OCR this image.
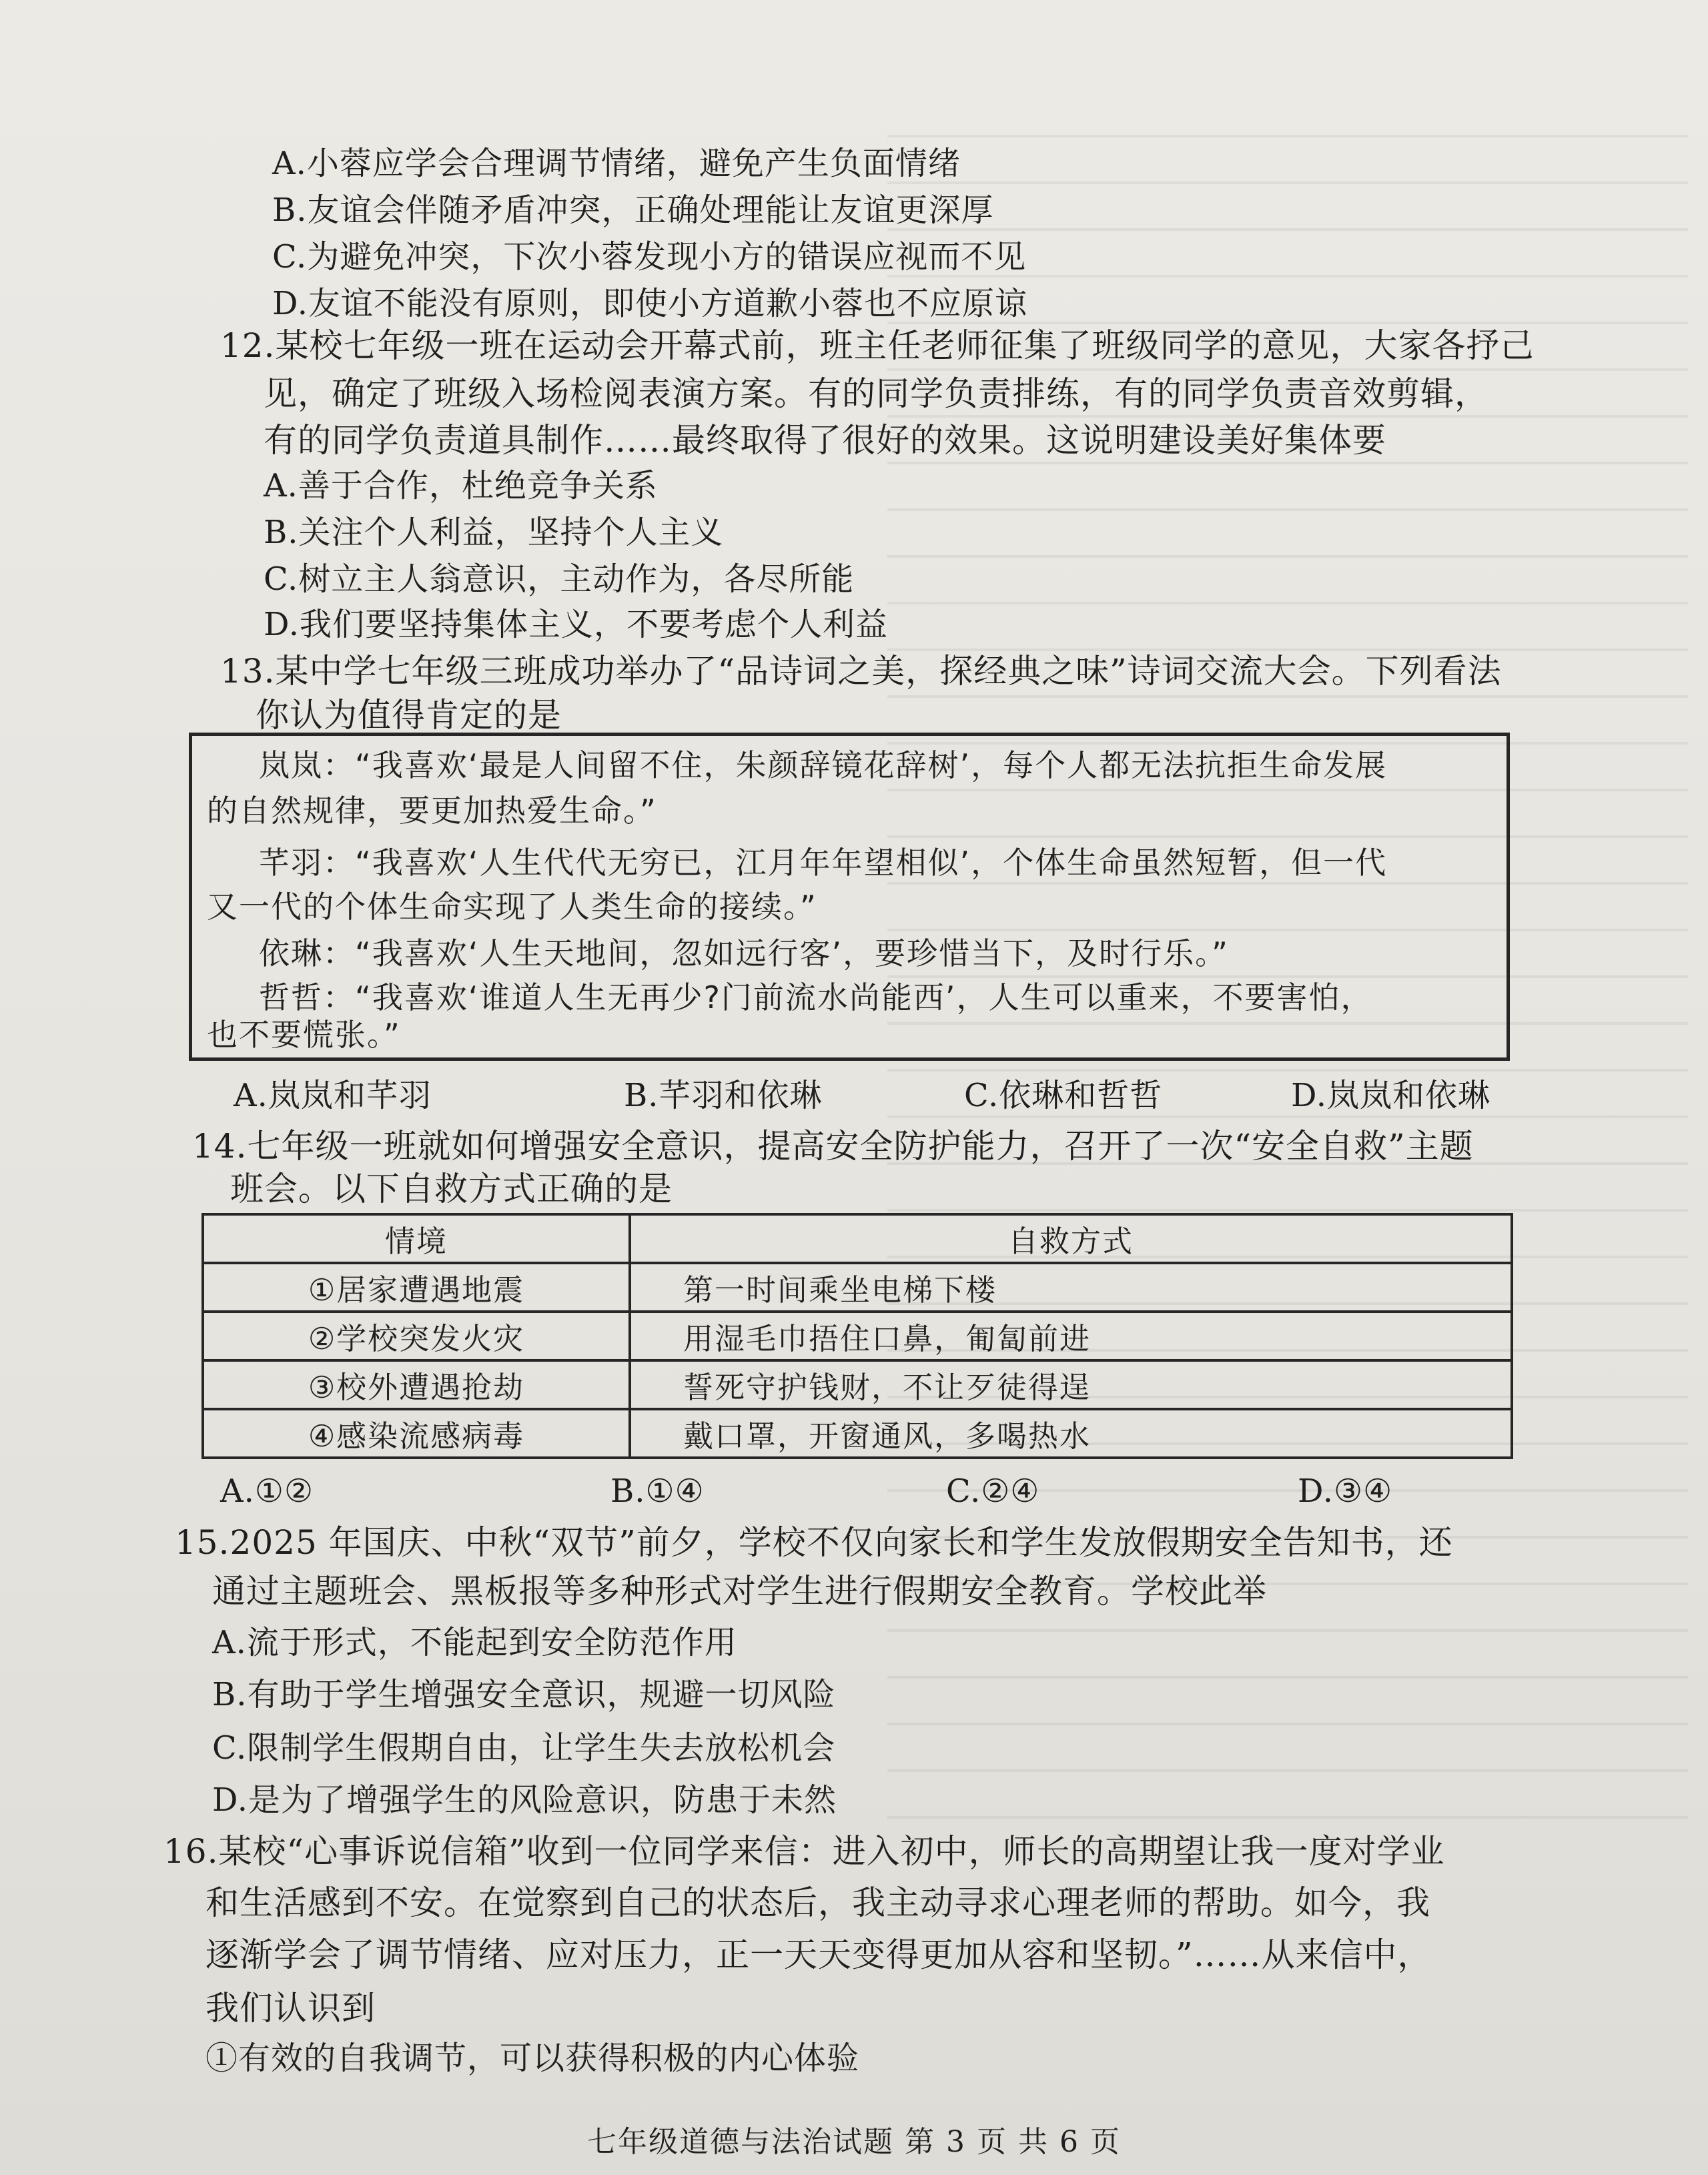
A.小蓉应学会合理调节情绪，避免产生负面情绪
B.友谊会伴随矛盾冲突，正确处理能让友谊更深厚
C.为避免冲突，下次小蓉发现小方的错误应视而不见
D.友谊不能没有原则，即使小方道歉小蓉也不应原谅
12.某校七年级一班在运动会开幕式前，班主任老师征集了班级同学的意见，大家各抒己
见，确定了班级入场检阅表演方案。有的同学负责排练，有的同学负责音效剪辑，
有的同学负责道具制作……最终取得了很好的效果。这说明建设美好集体要
A.善于合作，杜绝竞争关系
B.关注个人利益，坚持个人主义
C.树立主人翁意识，主动作为，各尽所能
D.我们要坚持集体主义，不要考虑个人利益
13.某中学七年级三班成功举办了“品诗词之美，探经典之味”诗词交流大会。下列看法
你认为值得肯定的是
岚岚：“我喜欢‘最是人间留不住，朱颜辞镜花辞树’，每个人都无法抗拒生命发展
的自然规律，要更加热爱生命。”
芊羽：“我喜欢‘人生代代无穷已，江月年年望相似’，个体生命虽然短暂，但一代
又一代的个体生命实现了人类生命的接续。”
依琳：“我喜欢‘人生天地间，忽如远行客’，要珍惜当下，及时行乐。”
哲哲：“我喜欢‘谁道人生无再少?门前流水尚能西’，人生可以重来，不要害怕，
也不要慌张。”
A.岚岚和芊羽	B.芊羽和依琳	C.依琳和哲哲	D.岚岚和依琳
14.七年级一班就如何增强安全意识，提高安全防护能力，召开了一次“安全自救”主题
班会。以下自救方式正确的是
情境	自救方式
①居家遭遇地震	第一时间乘坐电梯下楼
②学校突发火灾	用湿毛巾捂住口鼻，匍匐前进
③校外遭遇抢劫	誓死守护钱财，不让歹徒得逞
④感染流感病毒	戴口罩，开窗通风，多喝热水
A.①②	B.①④	C.②④	D.③④
15.2025 年国庆、中秋“双节”前夕，学校不仅向家长和学生发放假期安全告知书，还
通过主题班会、黑板报等多种形式对学生进行假期安全教育。学校此举
A.流于形式，不能起到安全防范作用
B.有助于学生增强安全意识，规避一切风险
C.限制学生假期自由，让学生失去放松机会
D.是为了增强学生的风险意识，防患于未然
16.某校“心事诉说信箱”收到一位同学来信：进入初中，师长的高期望让我一度对学业
和生活感到不安。在觉察到自己的状态后，我主动寻求心理老师的帮助。如今，我
逐渐学会了调节情绪、应对压力，正一天天变得更加从容和坚韧。”……从来信中，
我们认识到
①有效的自我调节，可以获得积极的内心体验
七年级道德与法治试题 第 3 页 共 6 页
